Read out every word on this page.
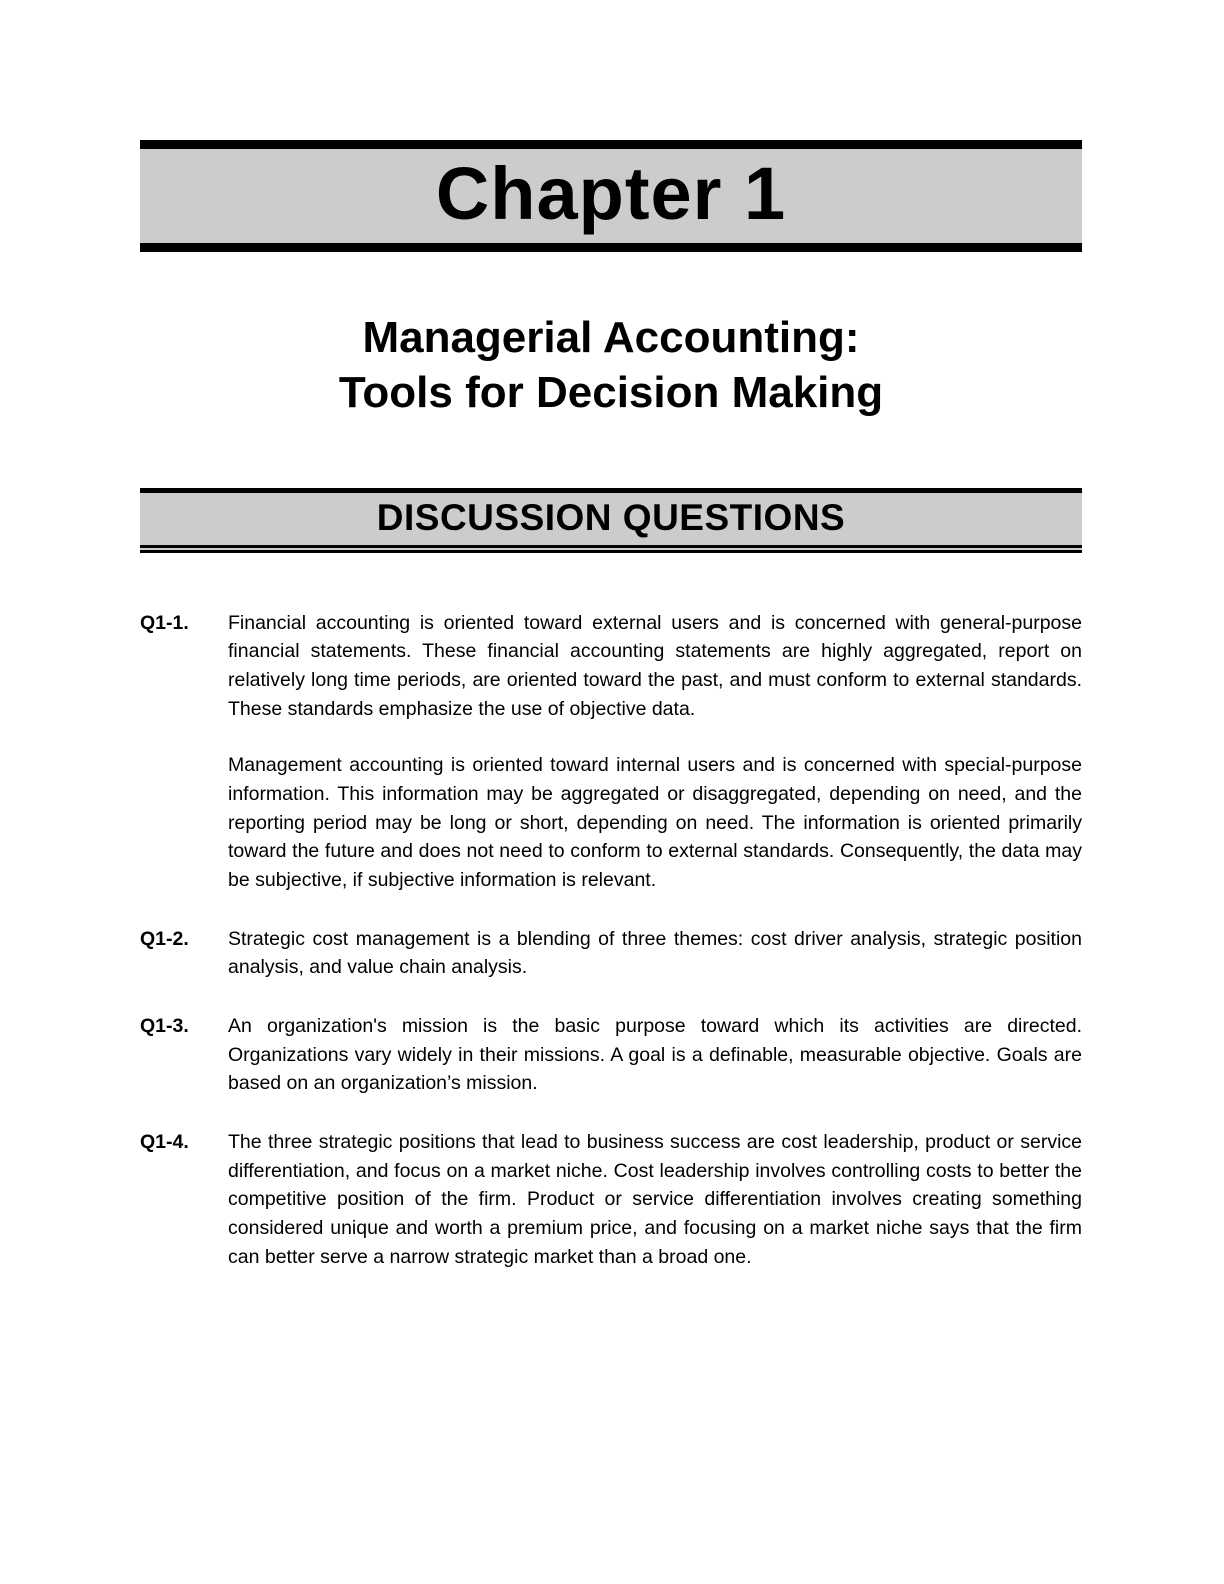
Chapter 1
Managerial Accounting:
Tools for Decision Making
DISCUSSION QUESTIONS
Q1-1.	Financial accounting is oriented toward external users and is concerned with general-purpose financial statements. These financial accounting statements are highly aggregated, report on relatively long time periods, are oriented toward the past, and must conform to external standards. These standards emphasize the use of objective data.

Management accounting is oriented toward internal users and is concerned with special-purpose information. This information may be aggregated or disaggregated, depending on need, and the reporting period may be long or short, depending on need. The information is oriented primarily toward the future and does not need to conform to external standards. Consequently, the data may be subjective, if subjective information is relevant.

Q1-2.	Strategic cost management is a blending of three themes: cost driver analysis, strategic position analysis, and value chain analysis.

Q1-3.	An organization's mission is the basic purpose toward which its activities are directed. Organizations vary widely in their missions. A goal is a definable, measurable objective. Goals are based on an organization’s mission.

Q1-4.	The three strategic positions that lead to business success are cost leadership, product or service differentiation, and focus on a market niche. Cost leadership involves controlling costs to better the competitive position of the firm. Product or service differentiation involves creating something considered unique and worth a premium price, and focusing on a market niche says that the firm can better serve a narrow strategic market than a broad one.
